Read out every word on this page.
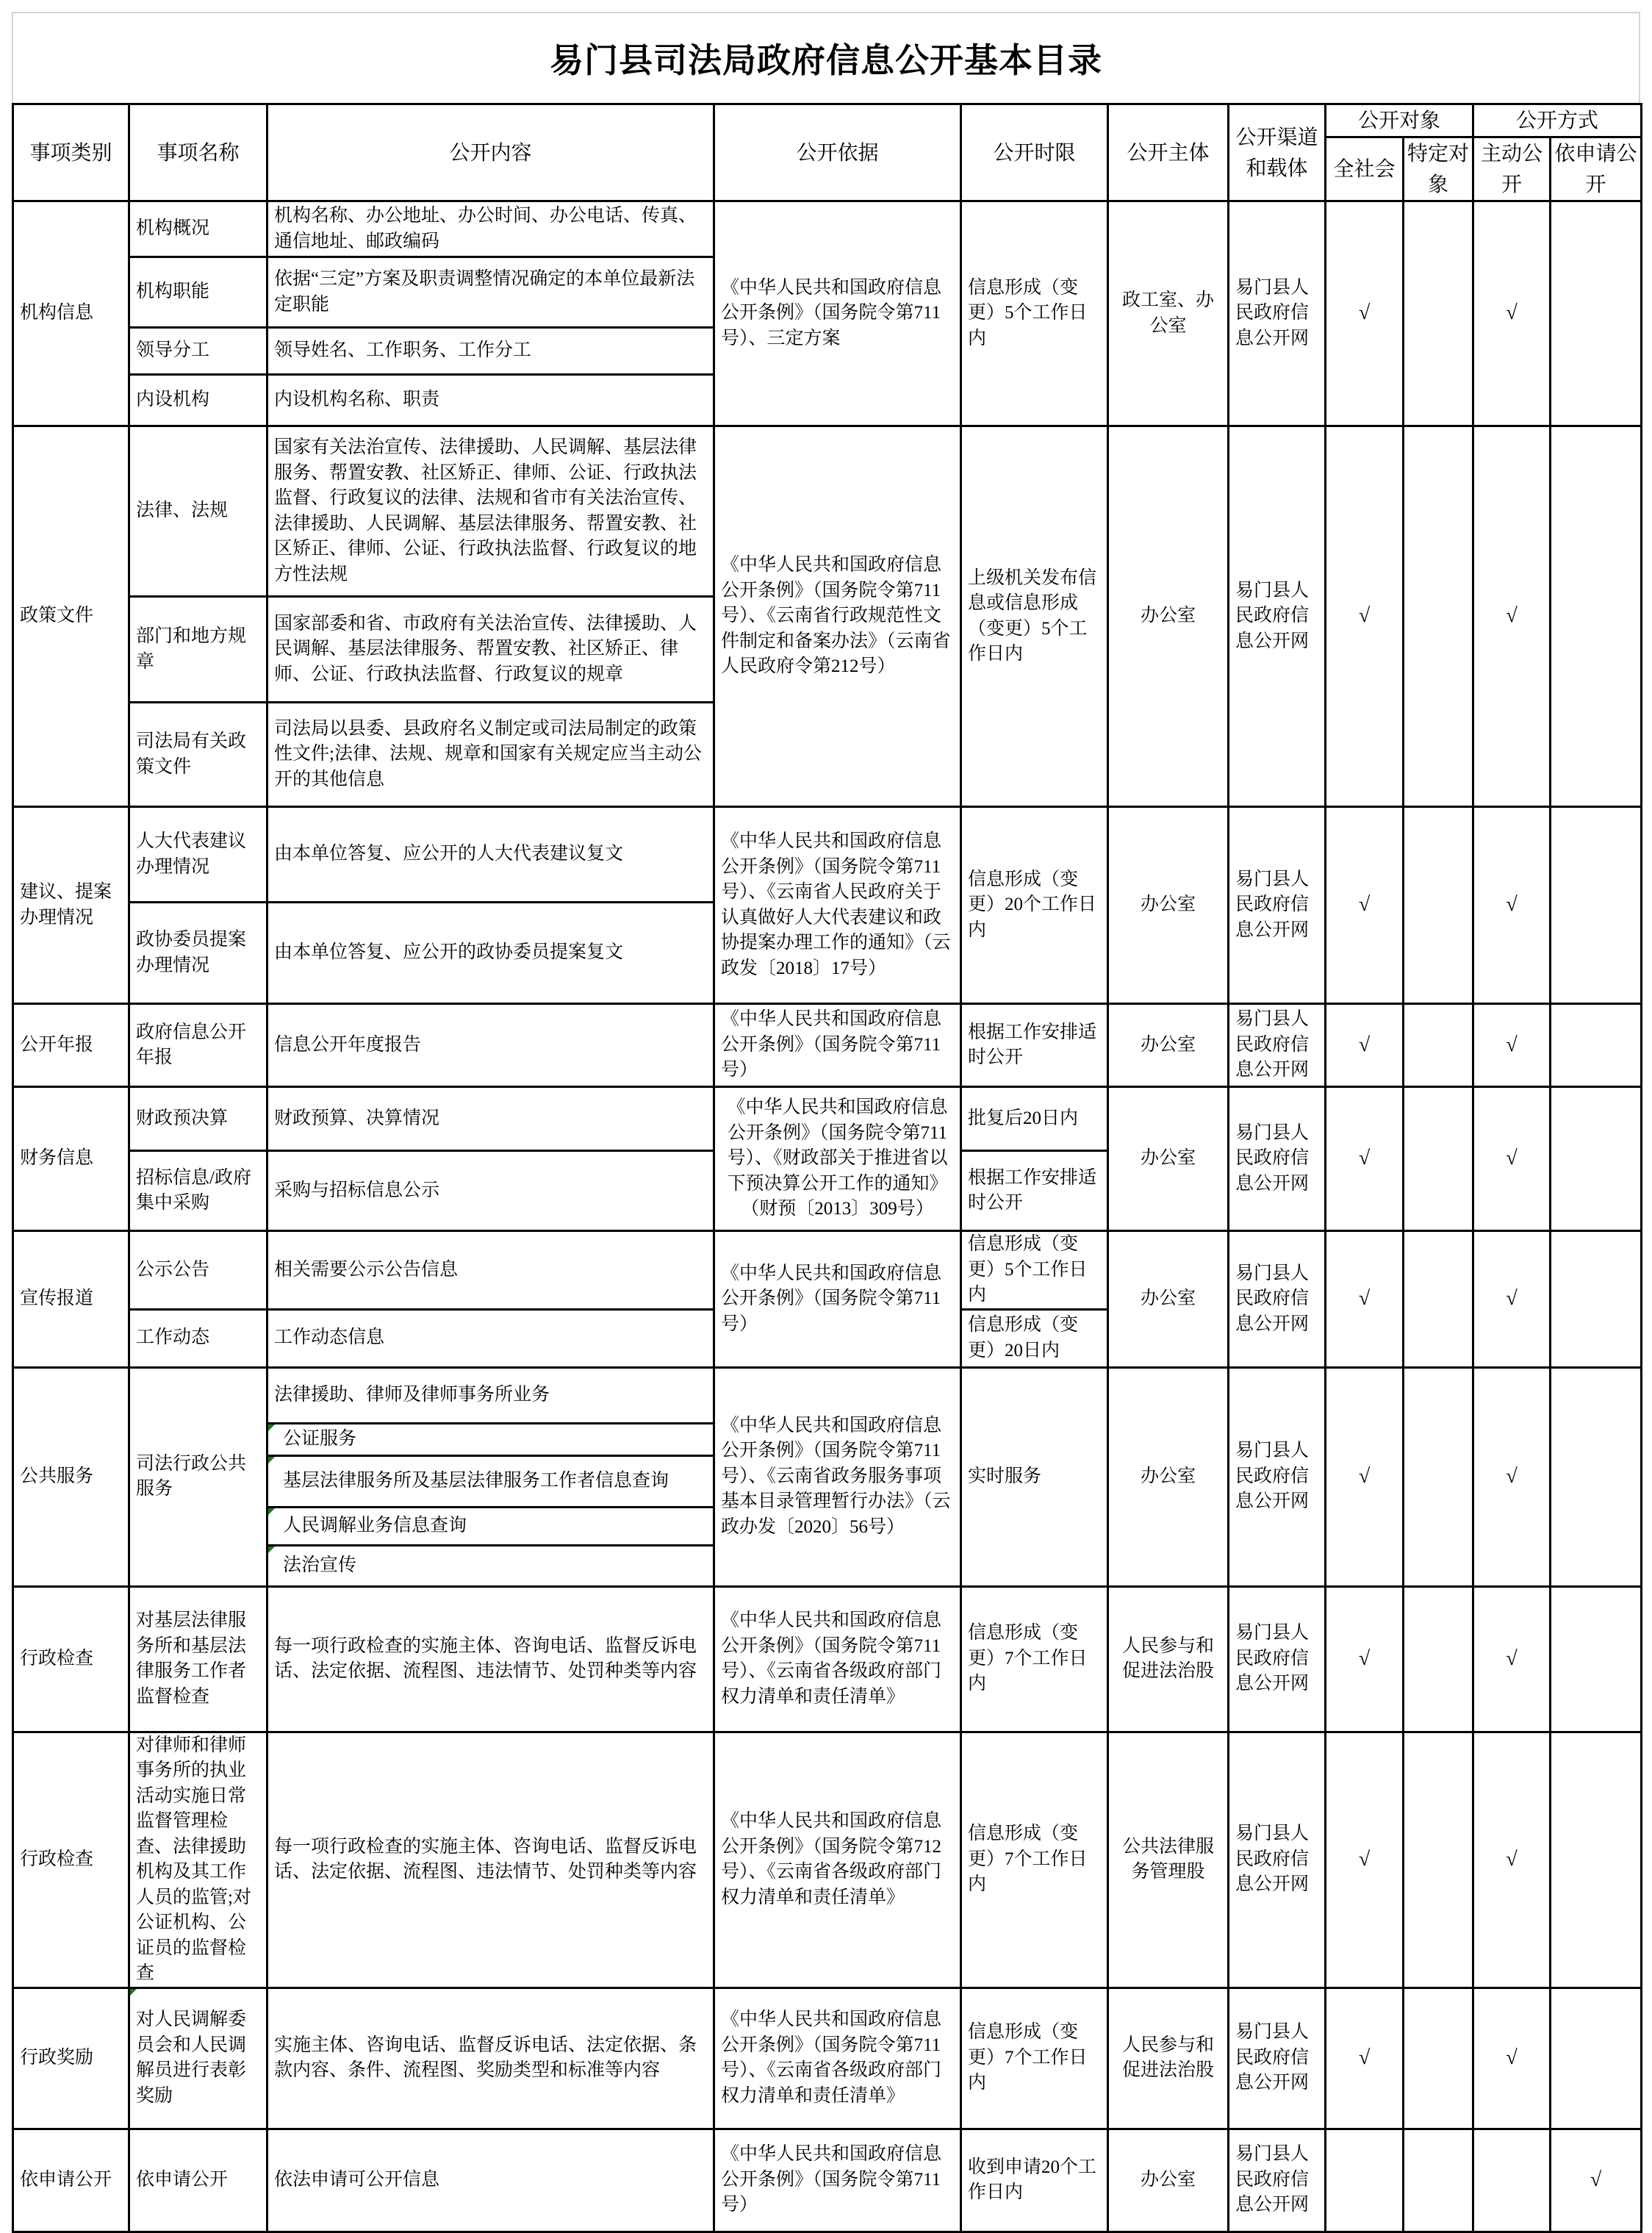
易门县司法局政府信息公开基本目录
事项类别	事项名称	公开内容	公开依据	公开时限	公开主体	公开渠道和载体	公开对象		公开方式	
							全社会	特定对象	主动公开	依申请公开
机构信息	机构概况	机构名称、办公地址、办公时间、办公电话、传真、通信地址、邮政编码	《中华人民共和国政府信息公开条例》（国务院令第711号）、三定方案	信息形成（变更）5个工作日内	政工室、办公室	易门县人民政府信息公开网	√		√	
	机构职能	依据“三定”方案及职责调整情况确定的本单位最新法定职能								
	领导分工	领导姓名、工作职务、工作分工								
	内设机构	内设机构名称、职责								
政策文件	法律、法规	国家有关法治宣传、法律援助、人民调解、基层法律服务、帮置安教、社区矫正、律师、公证、行政执法监督、行政复议的法律、法规和省市有关法治宣传、法律援助、人民调解、基层法律服务、帮置安教、社区矫正、律师、公证、行政执法监督、行政复议的地方性法规	《中华人民共和国政府信息公开条例》（国务院令第711号）、《云南省行政规范性文件制定和备案办法》（云南省人民政府令第212号）	上级机关发布信息或信息形成（变更）5个工作日内	办公室	易门县人民政府信息公开网	√		√	
	部门和地方规章	国家部委和省、市政府有关法治宣传、法律援助、人民调解、基层法律服务、帮置安教、社区矫正、律师、公证、行政执法监督、行政复议的规章								
	司法局有关政策文件	司法局以县委、县政府名义制定或司法局制定的政策性文件;法律、法规、规章和国家有关规定应当主动公开的其他信息								
建议、提案办理情况	人大代表建议办理情况	由本单位答复、应公开的人大代表建议复文	《中华人民共和国政府信息公开条例》（国务院令第711号）、《云南省人民政府关于认真做好人大代表建议和政协提案办理工作的通知》（云政发〔2018〕17号）	信息形成（变更）20个工作日内	办公室	易门县人民政府信息公开网	√		√	
	政协委员提案办理情况	由本单位答复、应公开的政协委员提案复文								
公开年报	政府信息公开年报	信息公开年度报告	《中华人民共和国政府信息公开条例》（国务院令第711号）	根据工作安排适时公开	办公室	易门县人民政府信息公开网	√		√	
财务信息	财政预决算	财政预算、决算情况	《中华人民共和国政府信息公开条例》（国务院令第711号）、《财政部关于推进省以下预决算公开工作的通知》（财预〔2013〕309号）	批复后20日内	办公室	易门县人民政府信息公开网	√		√	
	招标信息/政府集中采购	采购与招标信息公示		根据工作安排适时公开						
宣传报道	公示公告	相关需要公示公告信息	《中华人民共和国政府信息公开条例》（国务院令第711号）	信息形成（变更）5个工作日内	办公室	易门县人民政府信息公开网	√		√	
	工作动态	工作动态信息		信息形成（变更）20日内						
公共服务	司法行政公共服务	法律援助、律师及律师事务所业务	《中华人民共和国政府信息公开条例》（国务院令第711号）、《云南省政务服务事项基本目录管理暂行办法》（云政办发〔2020〕56号）	实时服务	办公室	易门县人民政府信息公开网	√		√	
		公证服务								
		基层法律服务所及基层法律服务工作者信息查询								
		人民调解业务信息查询								
		法治宣传								
行政检查	对基层法律服务所和基层法律服务工作者监督检查	每一项行政检查的实施主体、咨询电话、监督反诉电话、法定依据、流程图、违法情节、处罚种类等内容	《中华人民共和国政府信息公开条例》（国务院令第711号）、《云南省各级政府部门权力清单和责任清单》	信息形成（变更）7个工作日内	人民参与和促进法治股	易门县人民政府信息公开网	√		√	
行政检查	对律师和律师事务所的执业活动实施日常监督管理检查、法律援助机构及其工作人员的监管;对公证机构、公证员的监督检查	每一项行政检查的实施主体、咨询电话、监督反诉电话、法定依据、流程图、违法情节、处罚种类等内容	《中华人民共和国政府信息公开条例》（国务院令第712号）、《云南省各级政府部门权力清单和责任清单》	信息形成（变更）7个工作日内	公共法律服务管理股	易门县人民政府信息公开网	√		√	
行政奖励	对人民调解委员会和人民调解员进行表彰奖励	实施主体、咨询电话、监督反诉电话、法定依据、条款内容、条件、流程图、奖励类型和标准等内容	《中华人民共和国政府信息公开条例》（国务院令第711号）、《云南省各级政府部门权力清单和责任清单》	信息形成（变更）7个工作日内	人民参与和促进法治股	易门县人民政府信息公开网	√		√	
依申请公开	依申请公开	依法申请可公开信息	《中华人民共和国政府信息公开条例》（国务院令第711号）	收到申请20个工作日内	办公室	易门县人民政府信息公开网				√
